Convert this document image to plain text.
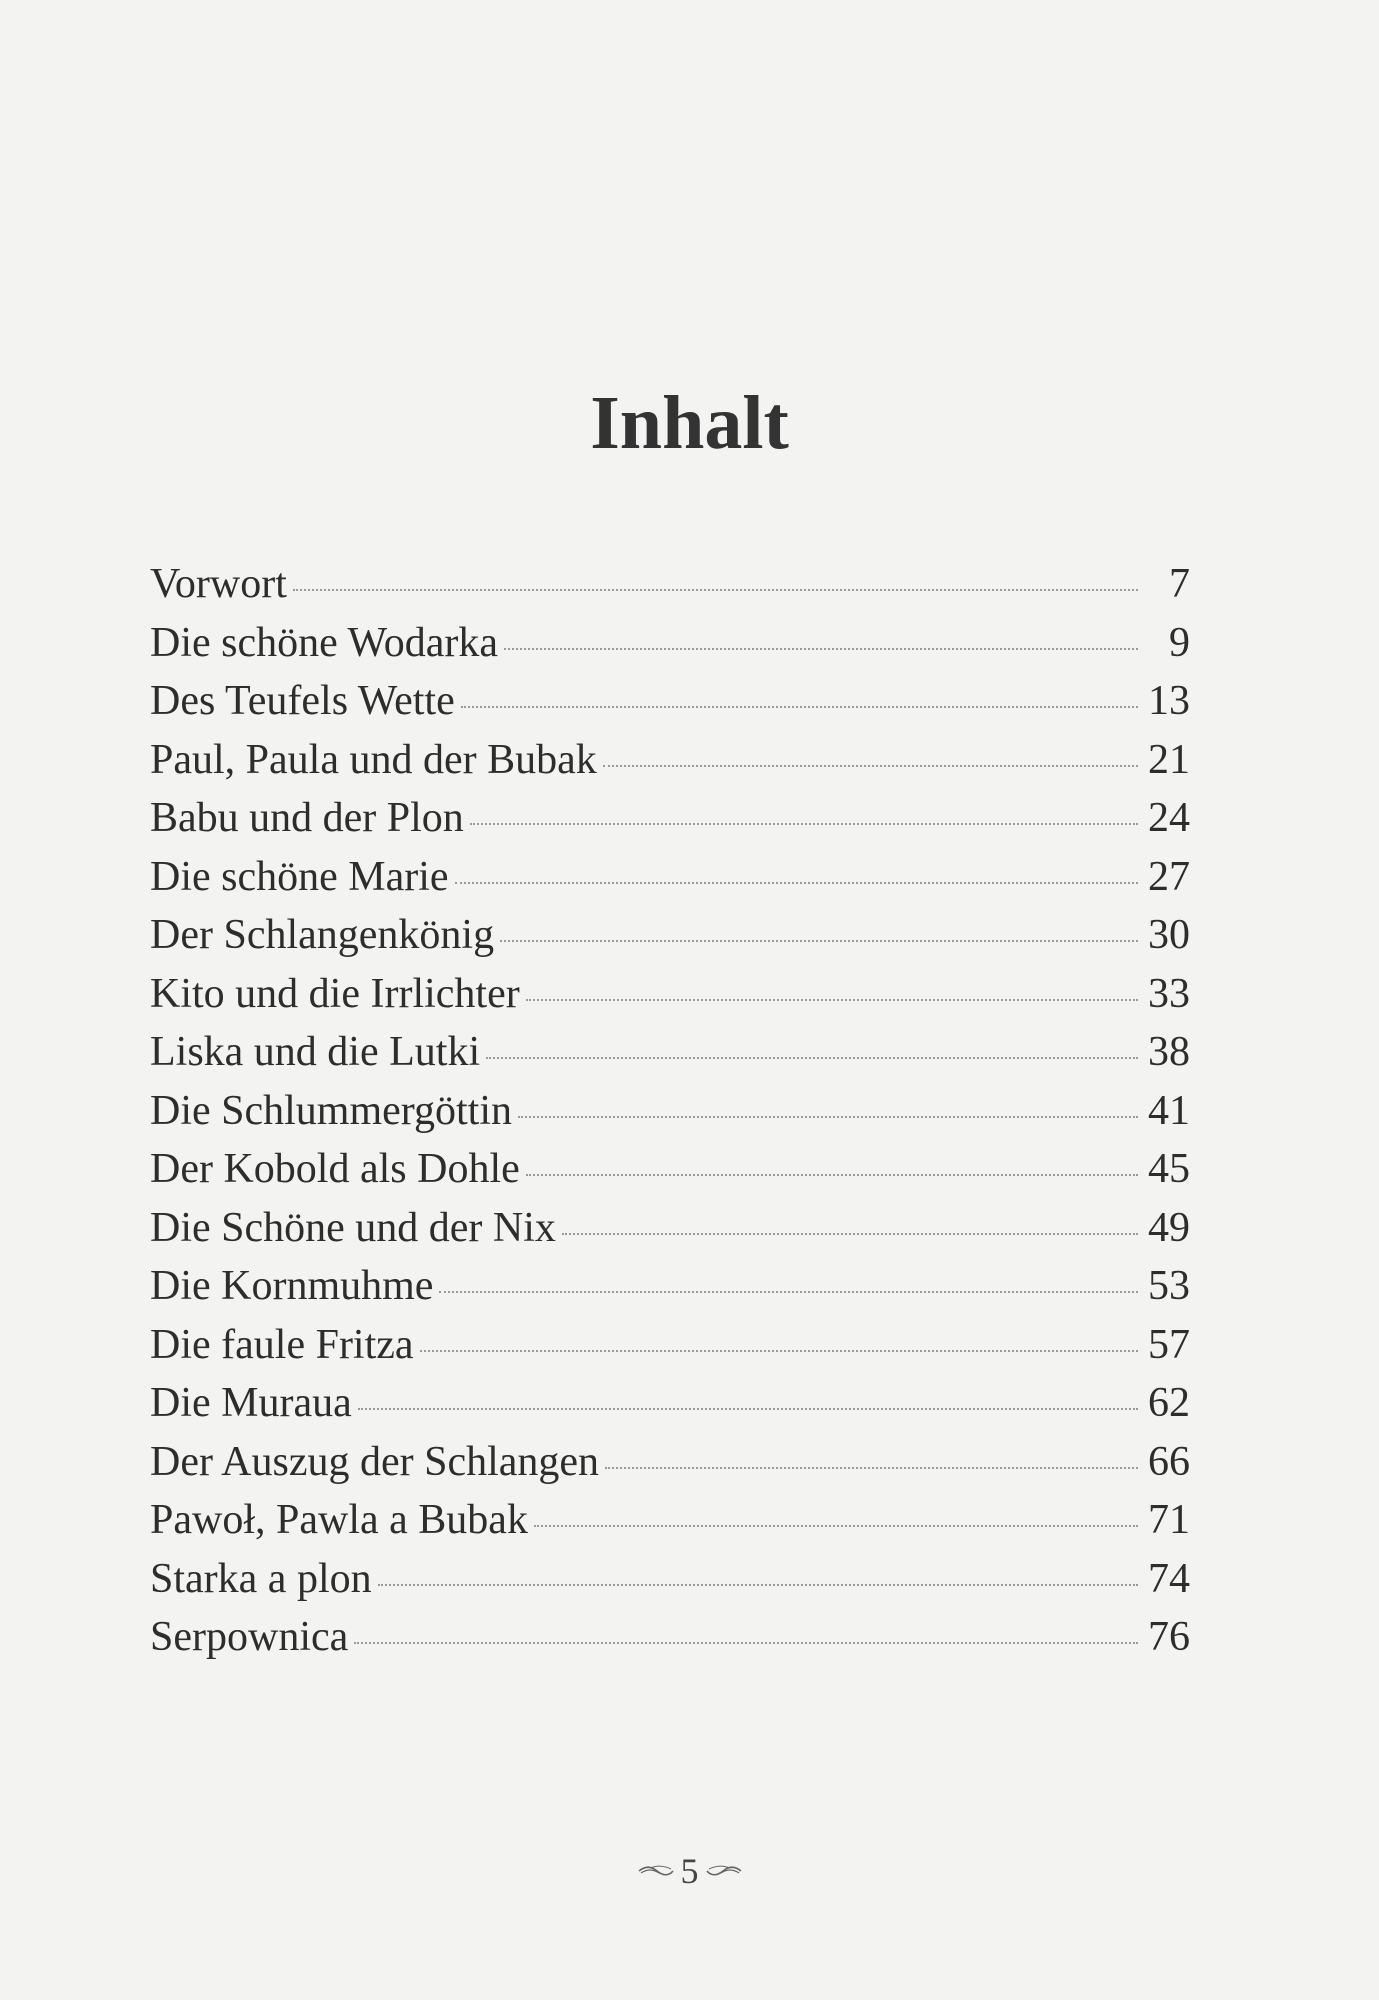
Inhalt
Vorwort	7
Die schöne Wodarka	9
Des Teufels Wette	13
Paul, Paula und der Bubak	21
Babu und der Plon	24
Die schöne Marie	27
Der Schlangenkönig	30
Kito und die Irrlichter	33
Liska und die Lutki	38
Die Schlummergöttin	41
Der Kobold als Dohle	45
Die Schöne und der Nix	49
Die Kornmuhme	53
Die faule Fritza	57
Die Muraua	62
Der Auszug der Schlangen	66
Pawoł, Pawla a Bubak	71
Starka a plon	74
Serpownica	76
5
